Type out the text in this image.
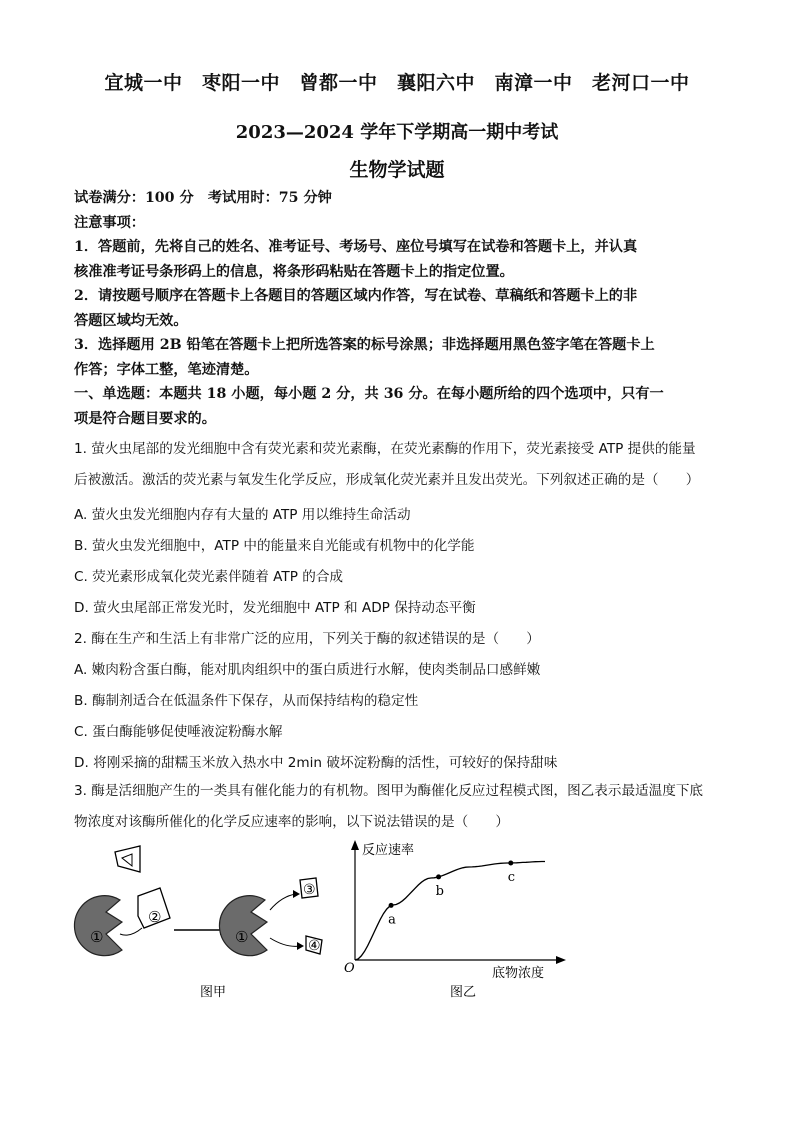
宜城一中　枣阳一中　曾都一中　襄阳六中　南漳一中　老河口一中
2023—2024 学年下学期高一期中考试
生物学试题
试卷满分：100 分　考试用时：75 分钟
注意事项：
1．答题前，先将自己的姓名、准考证号、考场号、座位号填写在试卷和答题卡上，并认真
核准准考证号条形码上的信息，将条形码粘贴在答题卡上的指定位置。
2．请按题号顺序在答题卡上各题目的答题区域内作答，写在试卷、草稿纸和答题卡上的非
答题区域均无效。
3．选择题用 2B 铅笔在答题卡上把所选答案的标号涂黑；非选择题用黑色签字笔在答题卡上
作答；字体工整，笔迹清楚。
一、单选题：本题共 18 小题，每小题 2 分，共 36 分。在每小题所给的四个选项中，只有一
项是符合题目要求的。
1. 萤火虫尾部的发光细胞中含有荧光素和荧光素酶，在荧光素酶的作用下，荧光素接受 ATP 提供的能量
后被激活。激活的荧光素与氧发生化学反应，形成氧化荧光素并且发出荧光。下列叙述正确的是（　　）
A. 萤火虫发光细胞内存有大量的 ATP 用以维持生命活动
B. 萤火虫发光细胞中，ATP 中的能量来自光能或有机物中的化学能
C. 荧光素形成氧化荧光素伴随着 ATP 的合成
D. 萤火虫尾部正常发光时，发光细胞中 ATP 和 ADP 保持动态平衡
2. 酶在生产和生活上有非常广泛的应用，下列关于酶的叙述错误的是（　　）
A. 嫩肉粉含蛋白酶，能对肌肉组织中的蛋白质进行水解，使肉类制品口感鲜嫩
B. 酶制剂适合在低温条件下保存，从而保持结构的稳定性
C. 蛋白酶能够促使唾液淀粉酶水解
D. 将刚采摘的甜糯玉米放入热水中 2min 破坏淀粉酶的活性，可较好的保持甜味
3. 酶是活细胞产生的一类具有催化能力的有机物。图甲为酶催化反应过程模式图，图乙表示最适温度下底
物浓度对该酶所催化的化学反应速率的影响，以下说法错误的是（　　）
①
②
①
③
④
图甲
反应速率
底物浓度
O
a
b
c
图乙
